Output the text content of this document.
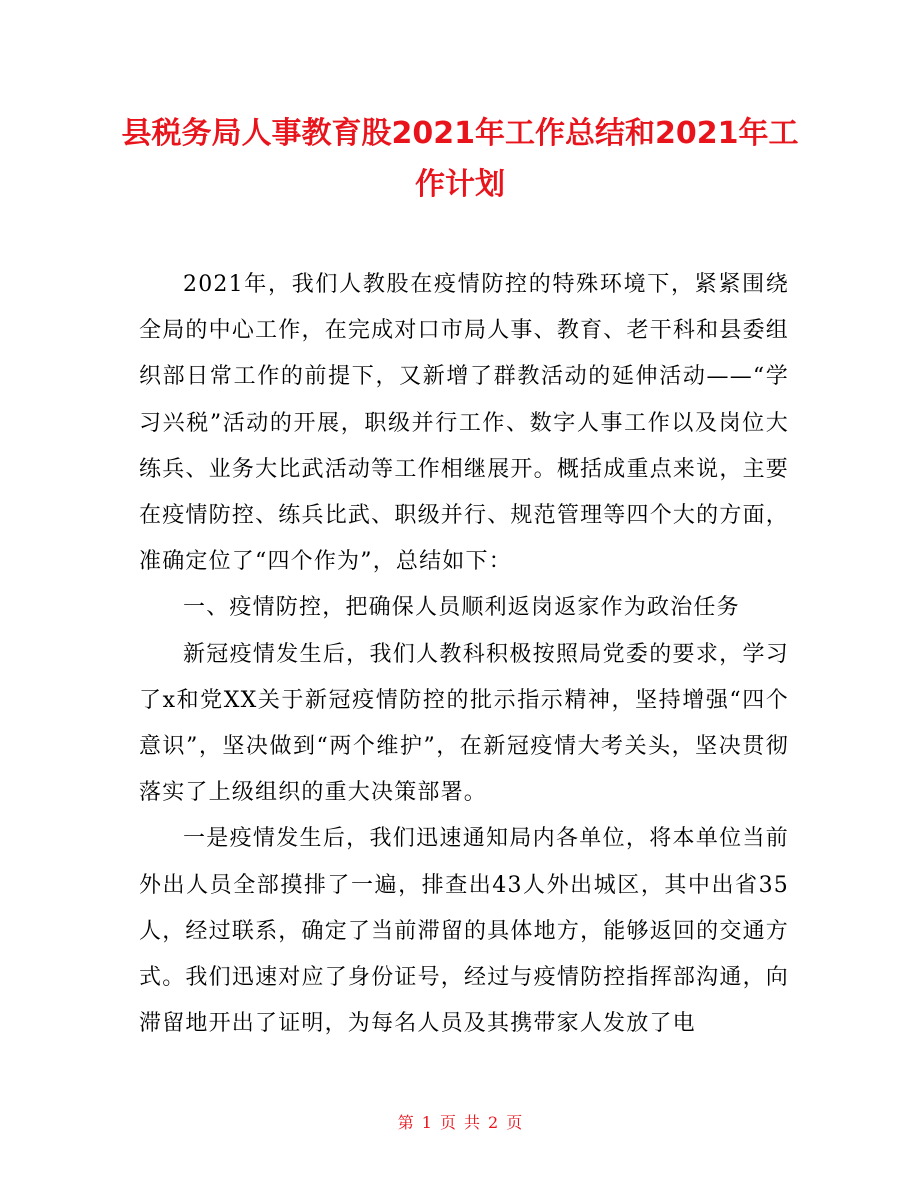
县税务局人事教育股2021年工作总结和2021年工作计划

2021年，我们人教股在疫情防控的特殊环境下，紧紧围绕全局的中心工作，在完成对口市局人事、教育、老干科和县委组织部日常工作的前提下，又新增了群教活动的延伸活动——“学习兴税”活动的开展，职级并行工作、数字人事工作以及岗位大练兵、业务大比武活动等工作相继展开。概括成重点来说，主要在疫情防控、练兵比武、职级并行、规范管理等四个大的方面，准确定位了“四个作为”，总结如下：

一、疫情防控，把确保人员顺利返岗返家作为政治任务

新冠疫情发生后，我们人教科积极按照局党委的要求，学习了x和党XX关于新冠疫情防控的批示指示精神，坚持增强“四个意识”，坚决做到“两个维护”，在新冠疫情大考关头，坚决贯彻落实了上级组织的重大决策部署。

一是疫情发生后，我们迅速通知局内各单位，将本单位当前外出人员全部摸排了一遍，排查出43人外出城区，其中出省35人，经过联系，确定了当前滞留的具体地方，能够返回的交通方式。我们迅速对应了身份证号，经过与疫情防控指挥部沟通，向滞留地开出了证明，为每名人员及其携带家人发放了电

第 1 页 共 2 页
